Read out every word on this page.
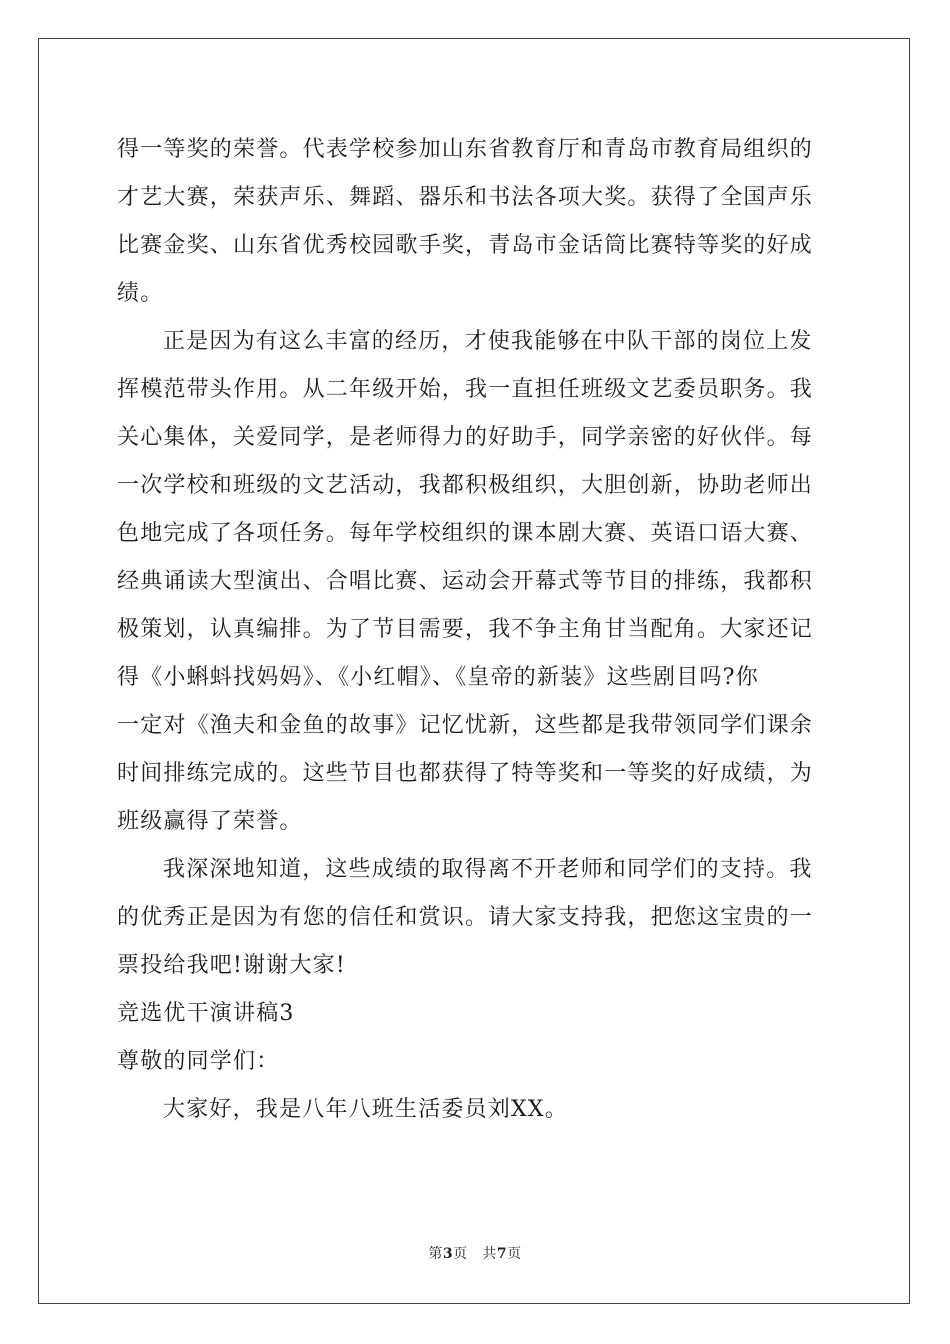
得一等奖的荣誉。代表学校参加山东省教育厅和青岛市教育局组织的
才艺大赛，荣获声乐、舞蹈、器乐和书法各项大奖。获得了全国声乐
比赛金奖、山东省优秀校园歌手奖，青岛市金话筒比赛特等奖的好成
绩。
正是因为有这么丰富的经历，才使我能够在中队干部的岗位上发
挥模范带头作用。从二年级开始，我一直担任班级文艺委员职务。我
关心集体，关爱同学，是老师得力的好助手，同学亲密的好伙伴。每
一次学校和班级的文艺活动，我都积极组织，大胆创新，协助老师出
色地完成了各项任务。每年学校组织的课本剧大赛、英语口语大赛、
经典诵读大型演出、合唱比赛、运动会开幕式等节目的排练，我都积
极策划，认真编排。为了节目需要，我不争主角甘当配角。大家还记
得《小蝌蚪找妈妈》、《小红帽》、《皇帝的新装》这些剧目吗?你
一定对《渔夫和金鱼的故事》记忆忧新，这些都是我带领同学们课余
时间排练完成的。这些节目也都获得了特等奖和一等奖的好成绩，为
班级赢得了荣誉。
我深深地知道，这些成绩的取得离不开老师和同学们的支持。我
的优秀正是因为有您的信任和赏识。请大家支持我，把您这宝贵的一
票投给我吧!谢谢大家!
竞选优干演讲稿3
尊敬的同学们：
大家好，我是八年八班生活委员刘XX。
第3页 共7页
